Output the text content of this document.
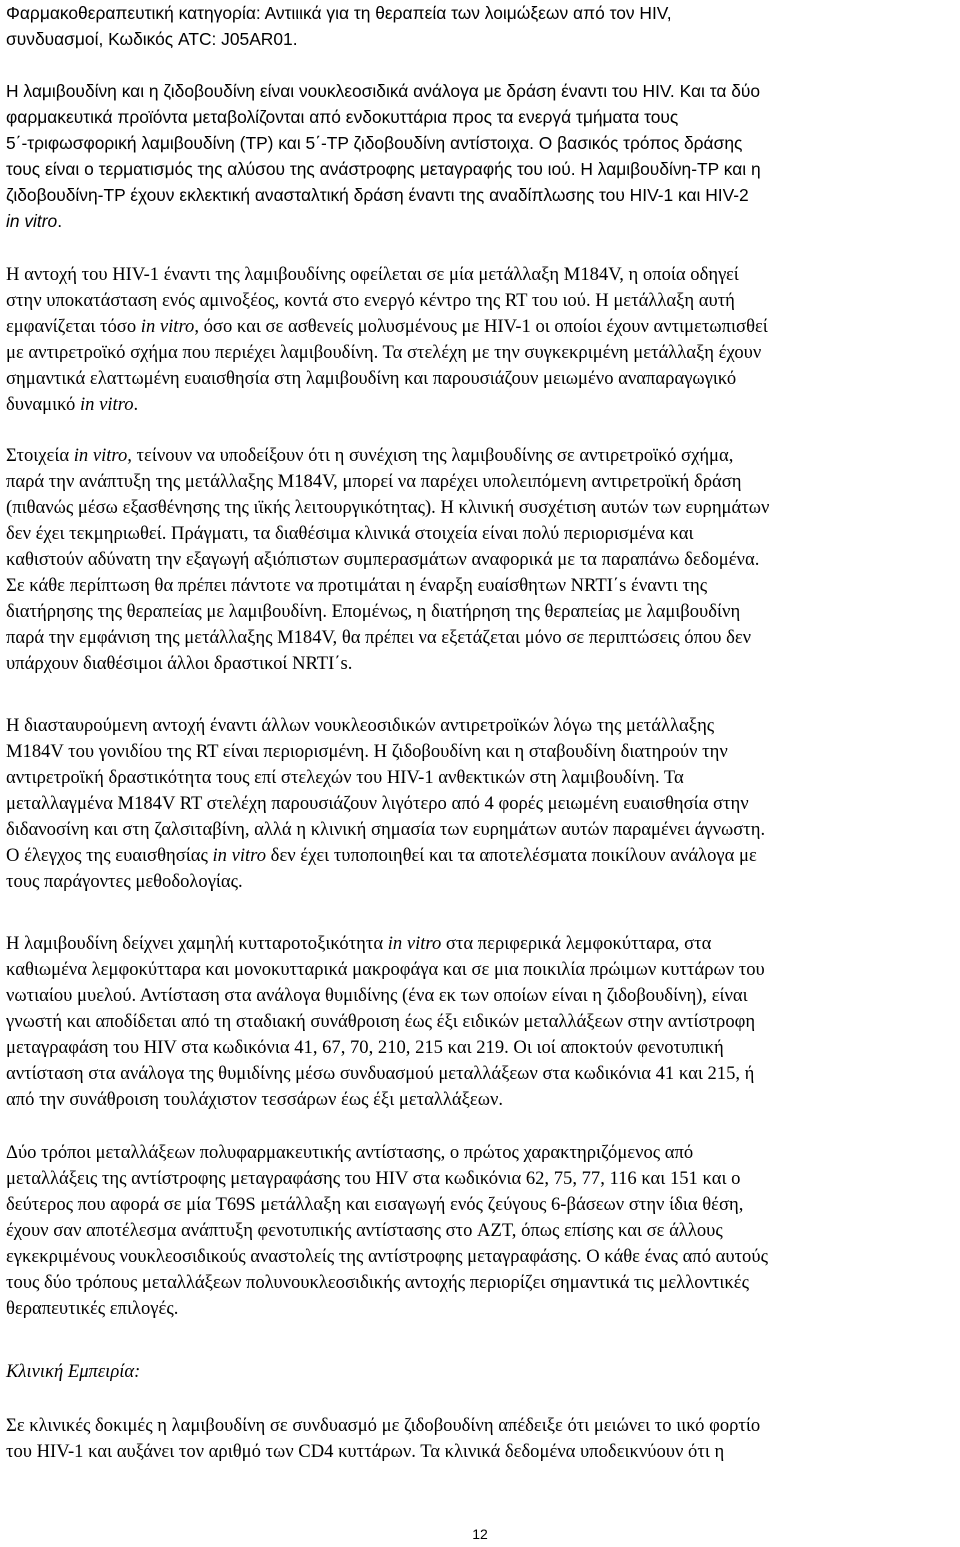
Φαρμακοθεραπευτική κατηγορία: Αντιιικά για τη θεραπεία των λοιμώξεων από τον HIV,
συνδυασμοί, Κωδικός ATC: J05AR01.
Η λαμιβουδίνη και η ζιδοβουδίνη είναι νουκλεοσιδικά ανάλογα με δράση έναντι του HIV. Και τα δύο
φαρμακευτικά προϊόντα μεταβολίζονται από ενδοκυττάρια προς τα ενεργά τμήματα τους
5΄-τριφωσφορική λαμιβουδίνη (TP) και 5΄-TP ζιδοβουδίνη αντίστοιχα. Ο βασικός τρόπος δράσης
τους είναι ο τερματισμός της αλύσου της ανάστροφης μεταγραφής του ιού. Η λαμιβουδίνη-TP και η
ζιδοβουδίνη-TP έχουν εκλεκτική ανασταλτική δράση έναντι της αναδίπλωσης του HIV-1 και HIV-2
in vitro.
Η αντοχή του HIV-1 έναντι της λαμιβουδίνης οφείλεται σε μία μετάλλαξη M184V, η οποία οδηγεί
στην υποκατάσταση ενός αμινοξέος, κοντά στο ενεργό κέντρο της RT του ιού. Η μετάλλαξη αυτή
εμφανίζεται τόσο in vitro, όσο και σε ασθενείς μολυσμένους με HIV-1 οι οποίοι έχουν αντιμετωπισθεί
με αντιρετροϊκό σχήμα που περιέχει λαμιβουδίνη. Τα στελέχη με την συγκεκριμένη μετάλλαξη έχουν
σημαντικά ελαττωμένη ευαισθησία στη λαμιβουδίνη και παρουσιάζουν μειωμένο αναπαραγωγικό
δυναμικό in vitro.
Στοιχεία in vitro, τείνουν να υποδείξουν ότι η συνέχιση της λαμιβουδίνης σε αντιρετροϊκό σχήμα,
παρά την ανάπτυξη της μετάλλαξης M184V, μπορεί να παρέχει υπολειπόμενη αντιρετροϊκή δράση
(πιθανώς μέσω εξασθένησης της ιϊκής λειτουργικότητας). Η κλινική συσχέτιση αυτών των ευρημάτων
δεν έχει τεκμηριωθεί. Πράγματι, τα διαθέσιμα κλινικά στοιχεία είναι πολύ περιορισμένα και
καθιστούν αδύνατη την εξαγωγή αξιόπιστων συμπερασμάτων αναφορικά με τα παραπάνω δεδομένα.
Σε κάθε περίπτωση θα πρέπει πάντοτε να προτιμάται η έναρξη ευαίσθητων NRTI΄s έναντι της
διατήρησης της θεραπείας με λαμιβουδίνη. Επομένως, η διατήρηση της θεραπείας με λαμιβουδίνη
παρά την εμφάνιση της μετάλλαξης M184V, θα πρέπει να εξετάζεται μόνο σε περιπτώσεις όπου δεν
υπάρχουν διαθέσιμοι άλλοι δραστικοί NRTI΄s.
Η διασταυρούμενη αντοχή έναντι άλλων νουκλεοσιδικών αντιρετροϊκών λόγω της μετάλλαξης
M184V του γονιδίου της RT είναι περιορισμένη. Η ζιδοβουδίνη και η σταβουδίνη διατηρούν την
αντιρετροϊκή δραστικότητα τους επί στελεχών του HIV-1 ανθεκτικών στη λαμιβουδίνη. Τα
μεταλλαγμένα M184V RT στελέχη παρουσιάζουν λιγότερο από 4 φορές μειωμένη ευαισθησία στην
διδανοσίνη και στη ζαλσιταβίνη, αλλά η κλινική σημασία των ευρημάτων αυτών παραμένει άγνωστη.
Ο έλεγχος της ευαισθησίας in vitro δεν έχει τυποποιηθεί και τα αποτελέσματα ποικίλουν ανάλογα με
τους παράγοντες μεθοδολογίας.
Η λαμιβουδίνη δείχνει χαμηλή κυτταροτοξικότητα in vitro στα περιφερικά λεμφοκύτταρα, στα
καθιωμένα λεμφοκύτταρα και μονοκυτταρικά μακροφάγα και σε μια ποικιλία πρώιμων κυττάρων του
νωτιαίου μυελού. Αντίσταση στα ανάλογα θυμιδίνης (ένα εκ των οποίων είναι η ζιδοβουδίνη), είναι
γνωστή και αποδίδεται από τη σταδιακή συνάθροιση έως έξι ειδικών μεταλλάξεων στην αντίστροφη
μεταγραφάση του HIV στα κωδικόνια 41, 67, 70, 210, 215 και 219. Οι ιοί αποκτούν φενοτυπική
αντίσταση στα ανάλογα της θυμιδίνης μέσω συνδυασμού μεταλλάξεων στα κωδικόνια 41 και 215, ή
από την συνάθροιση τουλάχιστον τεσσάρων έως έξι μεταλλάξεων.
Δύο τρόποι μεταλλάξεων πολυφαρμακευτικής αντίστασης, ο πρώτος χαρακτηριζόμενος από
μεταλλάξεις της αντίστροφης μεταγραφάσης του HIV στα κωδικόνια 62, 75, 77, 116 και 151 και ο
δεύτερος που αφορά σε μία T69S μετάλλαξη και εισαγωγή ενός ζεύγους 6-βάσεων στην ίδια θέση,
έχουν σαν αποτέλεσμα ανάπτυξη φενοτυπικής αντίστασης στο AZT, όπως επίσης και σε άλλους
εγκεκριμένους νουκλεοσιδικούς αναστολείς της αντίστροφης μεταγραφάσης. Ο κάθε ένας από αυτούς
τους δύο τρόπους μεταλλάξεων πολυνουκλεοσιδικής αντοχής περιορίζει σημαντικά τις μελλοντικές
θεραπευτικές επιλογές.
Κλινική Εμπειρία:
Σε κλινικές δοκιμές η λαμιβουδίνη σε συνδυασμό με ζιδοβουδίνη απέδειξε ότι μειώνει το ιικό φορτίο
του HIV-1 και αυξάνει τον αριθμό των CD4 κυττάρων. Τα κλινικά δεδομένα υποδεικνύουν ότι η
12
